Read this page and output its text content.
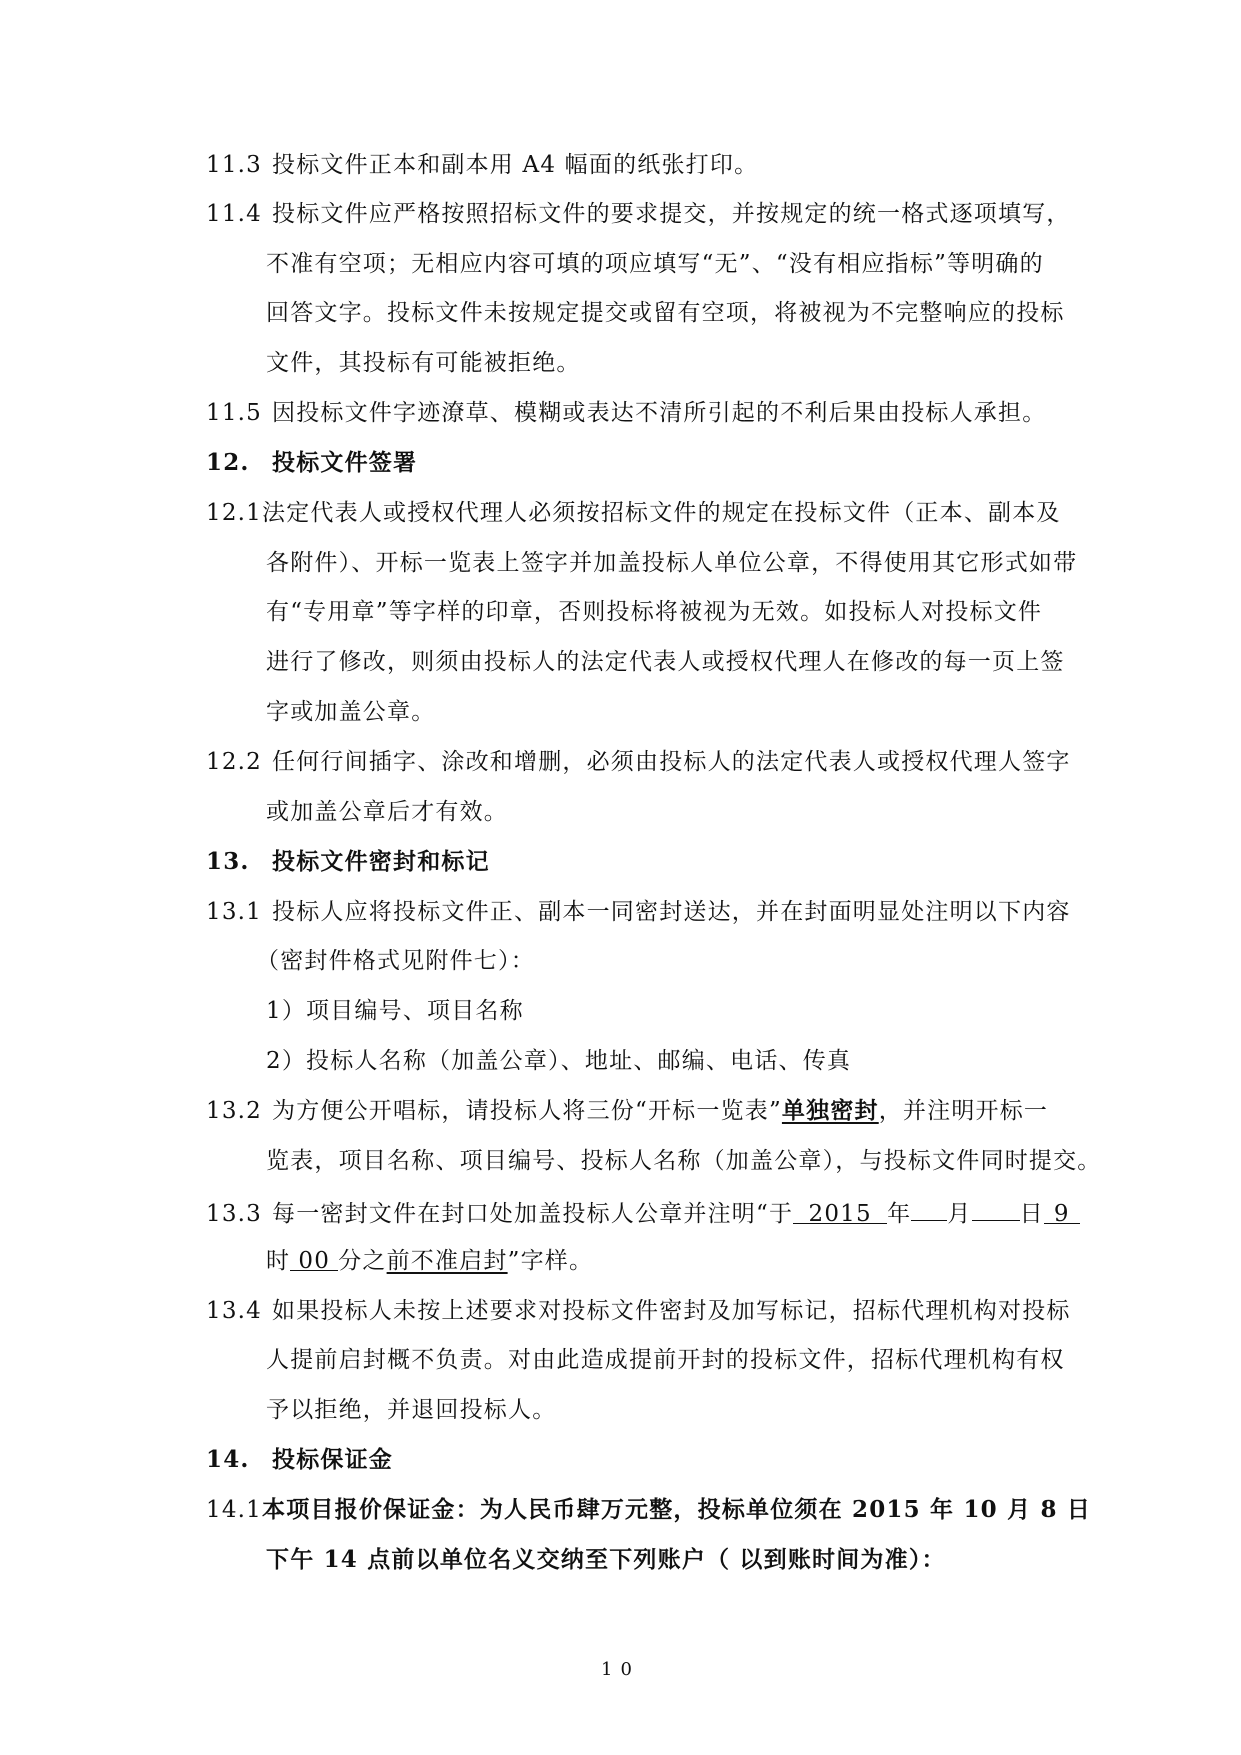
11.3 投标文件正本和副本用 A4 幅面的纸张打印。
11.4 投标文件应严格按照招标文件的要求提交，并按规定的统一格式逐项填写，
不准有空项；无相应内容可填的项应填写“无”、“没有相应指标”等明确的
回答文字。投标文件未按规定提交或留有空项，将被视为不完整响应的投标
文件，其投标有可能被拒绝。
11.5 因投标文件字迹潦草、模糊或表达不清所引起的不利后果由投标人承担。
12. 投标文件签署
12.1法定代表人或授权代理人必须按招标文件的规定在投标文件（正本、副本及
各附件）、开标一览表上签字并加盖投标人单位公章，不得使用其它形式如带
有“专用章”等字样的印章，否则投标将被视为无效。如投标人对投标文件
进行了修改，则须由投标人的法定代表人或授权代理人在修改的每一页上签
字或加盖公章。
12.2 任何行间插字、涂改和增删，必须由投标人的法定代表人或授权代理人签字
或加盖公章后才有效。
13. 投标文件密封和标记
13.1 投标人应将投标文件正、副本一同密封送达，并在封面明显处注明以下内容
（密封件格式见附件七）：
1）项目编号、项目名称
2）投标人名称（加盖公章）、地址、邮编、电话、传真
13.2 为方便公开唱标，请投标人将三份“开标一览表”单独密封，并注明开标一
览表，项目名称、项目编号、投标人名称（加盖公章），与投标文件同时提交。
13.3 每一密封文件在封口处加盖投标人公章并注明“于 2015 年 月 日 9
时 00 分之前不准启封”字样。
13.4 如果投标人未按上述要求对投标文件密封及加写标记，招标代理机构对投标
人提前启封概不负责。对由此造成提前开封的投标文件，招标代理机构有权
予以拒绝，并退回投标人。
14. 投标保证金
14.1本项目报价保证金：为人民币肆万元整，投标单位须在 2015 年 10 月 8 日
下午 14 点前以单位名义交纳至下列账户（ 以到账时间为准）：
10
